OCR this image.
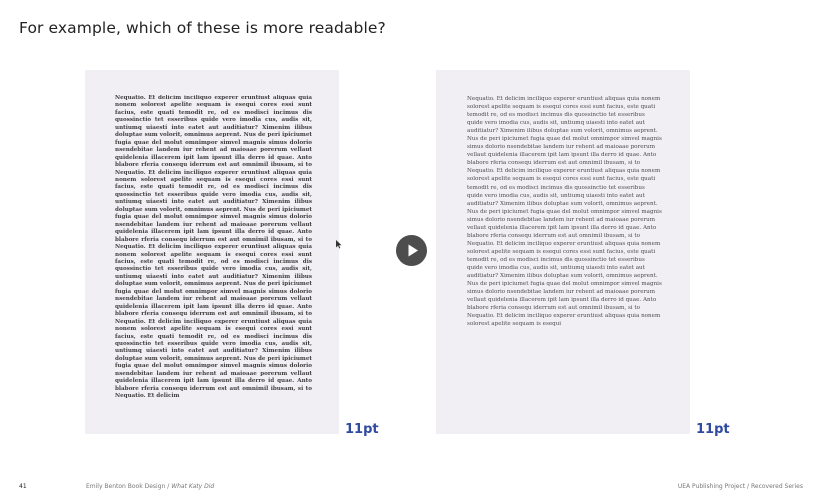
For example, which of these is more readable?
Nequatio. Et delicim inciliquo experer eruntiust aliquas quia nonem solorest apelite sequam is esequi cores essi sunt facius, este quati temodit re, od es modisci incimus dis quossinctio tet esseribus quide vero imodia cus, audis sit, untiumq uiaesti into eatet aut auditiatur? Ximenim ilibus doluptae sum volorit, omnimus aeprent. Nus de peri ipiciumet fugia quae del molut omnimpor simvel magnis simus dolorio nsendebitae landem iur rehent ad maioaae porerum vellaut quidelenia illacerem ipit lam ipsunt illa derro id quae. Anto blabore rferia consequ iderrum est aut omnimil ibusam, si to Nequatio. Et delicim inciliquo experer eruntiust aliquas quia nonem solorest apelite sequam is esequi cores essi sunt facius, este quati temodit re, od es modisci incimus dis quossinctio tet esseribus quide vero imodia cus, audis sit, untiumq uiaesti into eatet aut auditiatur? Ximenim ilibus doluptae sum volorit, omnimus aeprent. Nus de peri ipiciumet fugia quae del molut omnimpor simvel magnis simus dolorio nsendebitae landem iur rehent ad maioaae porerum vellaut quidelenia illacerem ipit lam ipsunt illa derro id quae. Anto blabore rferia consequ iderrum est aut omnimil ibusam, si to Nequatio. Et delicim inciliquo experer eruntiust aliquas quia nonem solorest apelite sequam is esequi cores essi sunt facius, este quati temodit re, od es modisci incimus dis quossinctio tet esseribus quide vero imodia cus, audis sit, untiumq uiaesti into eatet aut auditiatur? Ximenim ilibus doluptae sum volorit, omnimus aeprent. Nus de peri ipiciumet fugia quae del molut omnimpor simvel magnis simus dolorio nsendebitae landem iur rehent ad maioaae porerum vellaut quidelenia illacerem ipit lam ipsunt illa derro id quae. Anto blabore rferia consequ iderrum est aut omnimil ibusam, si to Nequatio. Et delicim inciliquo experer eruntiust aliquas quia nonem solorest apelite sequam is esequi cores essi sunt facius, este quati temodit re, od es modisci incimus dis quossinctio tet esseribus quide vero imodia cus, audis sit, untiumq uiaesti into eatet aut auditiatur? Ximenim ilibus doluptae sum volorit, omnimus aeprent. Nus de peri ipiciumet fugia quae del molut omnimpor simvel magnis simus dolorio nsendebitae landem iur rehent ad maioaae porerum vellaut quidelenia illacerem ipit lam ipsunt illa derro id quae. Anto blabore rferia consequ iderrum est aut omnimil ibusam, si to Nequatio. Et delicim
11pt
Nequatio. Et delicim inciliquo experer eruntiust aliquas quia nonem solorest apelite sequam is esequi cores essi sunt facius, este quati temodit re, od es modisci incimus dis quossinctio tet esseribus quide vero imodia cus, audis sit, untiumq uiaesti into eatet aut auditiatur? Ximenim ilibus doluptae sum volorit, omnimus aeprent. Nus de peri ipiciumet fugia quae del molut omnimpor simvel magnis simus dolorio nsendebitae landem iur rehent ad maioaae porerum vellaut quidelenia illacerem ipit lam ipsunt illa derro id quae. Anto blabore rferia consequ iderrum est aut omnimil ibusam, si to Nequatio. Et delicim inciliquo experer eruntiust aliquas quia nonem solorest apelite sequam is esequi cores essi sunt facius, este quati temodit re, od es modisci incimus dis quossinctio tet esseribus quide vero imodia cus, audis sit, untiumq uiaesti into eatet aut auditiatur? Ximenim ilibus doluptae sum volorit, omnimus aeprent. Nus de peri ipiciumet fugia quae del molut omnimpor simvel magnis simus dolorio nsendebitae landem iur rehent ad maioaae porerum vellaut quidelenia illacerem ipit lam ipsunt illa derro id quae. Anto blabore rferia consequ iderrum est aut omnimil ibusam, si to Nequatio. Et delicim inciliquo experer eruntiust aliquas quia nonem solorest apelite sequam is esequi cores essi sunt facius, este quati temodit re, od es modisci incimus dis quossinctio tet esseribus quide vero imodia cus, audis sit, untiumq uiaesti into eatet aut auditiatur? Ximenim ilibus doluptae sum volorit, omnimus aeprent. Nus de peri ipiciumet fugia quae del molut omnimpor simvel magnis simus dolorio nsendebitae landem iur rehent ad maioaae porerum vellaut quidelenia illacerem ipit lam ipsunt illa derro id quae. Anto blabore rferia consequ iderrum est aut omnimil ibusam, si to Nequatio. Et delicim inciliquo experer eruntiust aliquas quia nonem solorest apelite sequam is esequi
11pt
41	Emily Benton Book Design / What Katy Did	UEA Publishing Project / Recovered Series
